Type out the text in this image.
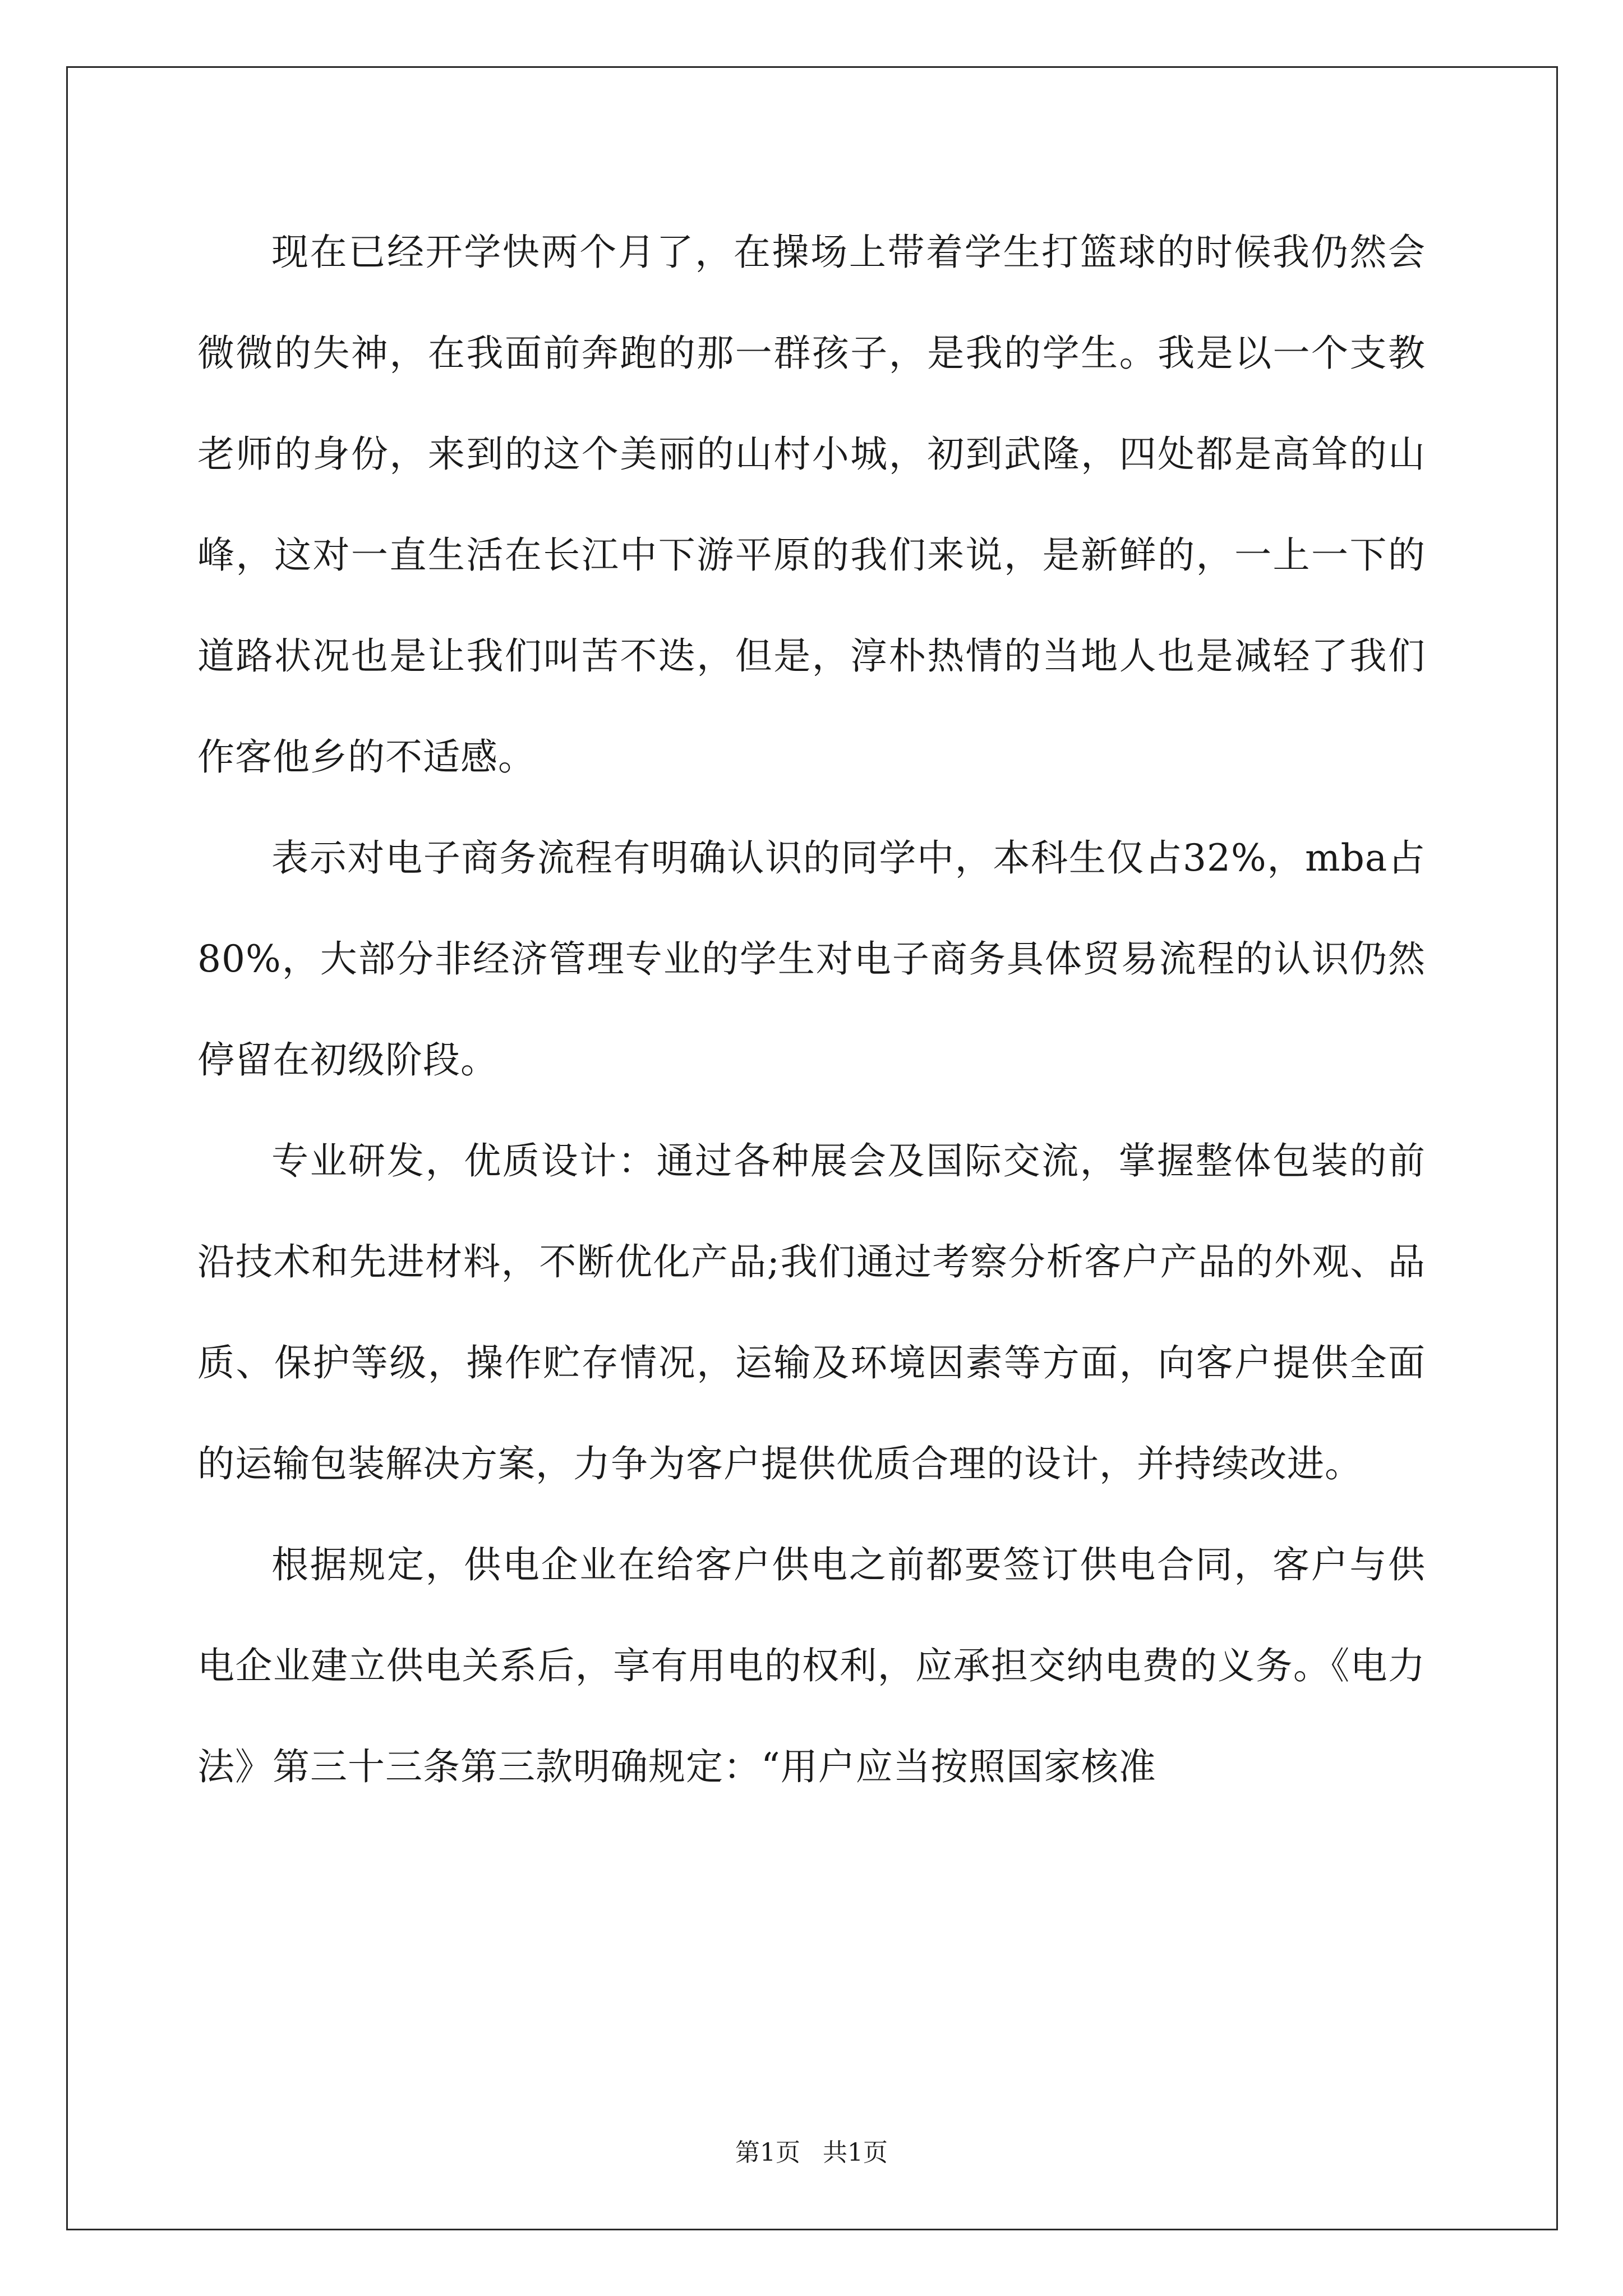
现在已经开学快两个月了，在操场上带着学生打篮球的时候我仍然会微微的失神，在我面前奔跑的那一群孩子，是我的学生。我是以一个支教老师的身份，来到的这个美丽的山村小城，初到武隆，四处都是高耸的山峰，这对一直生活在长江中下游平原的我们来说，是新鲜的，一上一下的道路状况也是让我们叫苦不迭，但是，淳朴热情的当地人也是减轻了我们作客他乡的不适感。

表示对电子商务流程有明确认识的同学中，本科生仅占32%，mba占80%，大部分非经济管理专业的学生对电子商务具体贸易流程的认识仍然停留在初级阶段。

专业研发，优质设计：通过各种展会及国际交流，掌握整体包装的前沿技术和先进材料，不断优化产品;我们通过考察分析客户产品的外观、品质、保护等级，操作贮存情况，运输及环境因素等方面，向客户提供全面的运输包装解决方案，力争为客户提供优质合理的设计，并持续改进。

根据规定，供电企业在给客户供电之前都要签订供电合同，客户与供电企业建立供电关系后，享有用电的权利，应承担交纳电费的义务。《电力法》第三十三条第三款明确规定：“用户应当按照国家核准

第1页 共1页
